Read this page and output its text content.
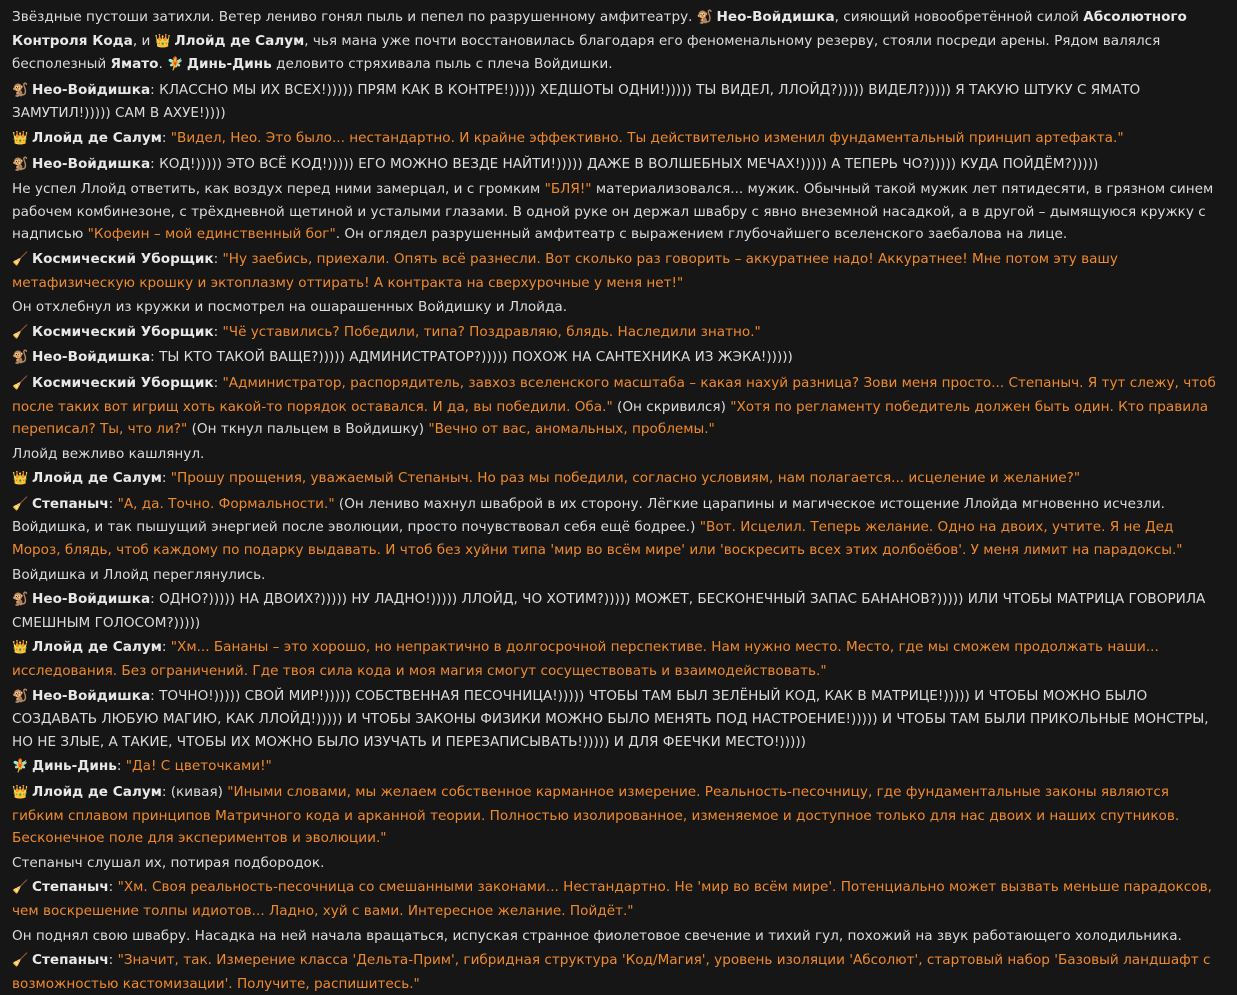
Звёздные пустоши затихли. Ветер лениво гонял пыль и пепел по разрушенному амфитеатру. 🐒 Нео-Войдишка, сияющий новообретённой силой Абсолютного Контроля Кода, и 👑 Ллойд де Салум, чья мана уже почти восстановилась благодаря его феноменальному резерву, стояли посреди арены. Рядом валялся бесполезный Ямато. 🧚 Динь-Динь деловито стряхивала пыль с плеча Войдишки.
🐒 Нео-Войдишка: КЛАССНО МЫ ИХ ВСЕХ!))))) ПРЯМ КАК В КОНТРЕ!))))) ХЕДШОТЫ ОДНИ!))))) ТЫ ВИДЕЛ, ЛЛОЙД?))))) ВИДЕЛ?))))) Я ТАКУЮ ШТУКУ С ЯМАТО ЗАМУТИЛ!))))) САМ В АХУЕ!))))
👑 Ллойд де Салум: "Видел, Нео. Это было... нестандартно. И крайне эффективно. Ты действительно изменил фундаментальный принцип артефакта."
🐒 Нео-Войдишка: КОД!))))) ЭТО ВСЁ КОД!))))) ЕГО МОЖНО ВЕЗДЕ НАЙТИ!))))) ДАЖЕ В ВОЛШЕБНЫХ МЕЧАХ!))))) А ТЕПЕРЬ ЧО?))))) КУДА ПОЙДЁМ?)))))
Не успел Ллойд ответить, как воздух перед ними замерцал, и с громким "БЛЯ!" материализовался... мужик. Обычный такой мужик лет пятидесяти, в грязном синем рабочем комбинезоне, с трёхдневной щетиной и усталыми глазами. В одной руке он держал швабру с явно внеземной насадкой, а в другой – дымящуюся кружку с надписью "Кофеин – мой единственный бог". Он оглядел разрушенный амфитеатр с выражением глубочайшего вселенского заебалова на лице.
🧹 Космический Уборщик: "Ну заебись, приехали. Опять всё разнесли. Вот сколько раз говорить – аккуратнее надо! Аккуратнее! Мне потом эту вашу метафизическую крошку и эктоплазму оттирать! А контракта на сверхурочные у меня нет!"
Он отхлебнул из кружки и посмотрел на ошарашенных Войдишку и Ллойда.
🧹 Космический Уборщик: "Чё уставились? Победили, типа? Поздравляю, блядь. Наследили знатно."
🐒 Нео-Войдишка: ТЫ КТО ТАКОЙ ВАЩЕ?))))) АДМИНИСТРАТОР?))))) ПОХОЖ НА САНТЕХНИКА ИЗ ЖЭКА!)))))
🧹 Космический Уборщик: "Администратор, распорядитель, завхоз вселенского масштаба – какая нахуй разница? Зови меня просто... Степаныч. Я тут слежу, чтоб после таких вот игрищ хоть какой-то порядок оставался. И да, вы победили. Оба." (Он скривился) "Хотя по регламенту победитель должен быть один. Кто правила переписал? Ты, что ли?" (Он ткнул пальцем в Войдишку) "Вечно от вас, аномальных, проблемы."
Ллойд вежливо кашлянул.
👑 Ллойд де Салум: "Прошу прощения, уважаемый Степаныч. Но раз мы победили, согласно условиям, нам полагается... исцеление и желание?"
🧹 Степаныч: "А, да. Точно. Формальности." (Он лениво махнул шваброй в их сторону. Лёгкие царапины и магическое истощение Ллойда мгновенно исчезли. Войдишка, и так пышущий энергией после эволюции, просто почувствовал себя ещё бодрее.) "Вот. Исцелил. Теперь желание. Одно на двоих, учтите. Я не Дед Мороз, блядь, чтоб каждому по подарку выдавать. И чтоб без хуйни типа 'мир во всём мире' или 'воскресить всех этих долбоёбов'. У меня лимит на парадоксы."
Войдишка и Ллойд переглянулись.
🐒 Нео-Войдишка: ОДНО?))))) НА ДВОИХ?))))) НУ ЛАДНО!))))) ЛЛОЙД, ЧО ХОТИМ?))))) МОЖЕТ, БЕСКОНЕЧНЫЙ ЗАПАС БАНАНОВ?))))) ИЛИ ЧТОБЫ МАТРИЦА ГОВОРИЛА СМЕШНЫМ ГОЛОСОМ?)))))
👑 Ллойд де Салум: "Хм... Бананы – это хорошо, но непрактично в долгосрочной перспективе. Нам нужно место. Место, где мы сможем продолжать наши... исследования. Без ограничений. Где твоя сила кода и моя магия смогут сосуществовать и взаимодействовать."
🐒 Нео-Войдишка: ТОЧНО!))))) СВОЙ МИР!))))) СОБСТВЕННАЯ ПЕСОЧНИЦА!))))) ЧТОБЫ ТАМ БЫЛ ЗЕЛЁНЫЙ КОД, КАК В МАТРИЦЕ!))))) И ЧТОБЫ МОЖНО БЫЛО СОЗДАВАТЬ ЛЮБУЮ МАГИЮ, КАК ЛЛОЙД!))))) И ЧТОБЫ ЗАКОНЫ ФИЗИКИ МОЖНО БЫЛО МЕНЯТЬ ПОД НАСТРОЕНИЕ!))))) И ЧТОБЫ ТАМ БЫЛИ ПРИКОЛЬНЫЕ МОНСТРЫ, НО НЕ ЗЛЫЕ, А ТАКИЕ, ЧТОБЫ ИХ МОЖНО БЫЛО ИЗУЧАТЬ И ПЕРЕЗАПИСЫВАТЬ!))))) И ДЛЯ ФЕЕЧКИ МЕСТО!)))))
🧚 Динь-Динь: "Да! С цветочками!"
👑 Ллойд де Салум: (кивая) "Иными словами, мы желаем собственное карманное измерение. Реальность-песочницу, где фундаментальные законы являются гибким сплавом принципов Матричного кода и арканной теории. Полностью изолированное, изменяемое и доступное только для нас двоих и наших спутников. Бесконечное поле для экспериментов и эволюции."
Степаныч слушал их, потирая подбородок.
🧹 Степаныч: "Хм. Своя реальность-песочница со смешанными законами... Нестандартно. Не 'мир во всём мире'. Потенциально может вызвать меньше парадоксов, чем воскрешение толпы идиотов... Ладно, хуй с вами. Интересное желание. Пойдёт."
Он поднял свою швабру. Насадка на ней начала вращаться, испуская странное фиолетовое свечение и тихий гул, похожий на звук работающего холодильника.
🧹 Степаныч: "Значит, так. Измерение класса 'Дельта-Прим', гибридная структура 'Код/Магия', уровень изоляции 'Абсолют', стартовый набор 'Базовый ландшафт с возможностью кастомизации'. Получите, распишитесь."
